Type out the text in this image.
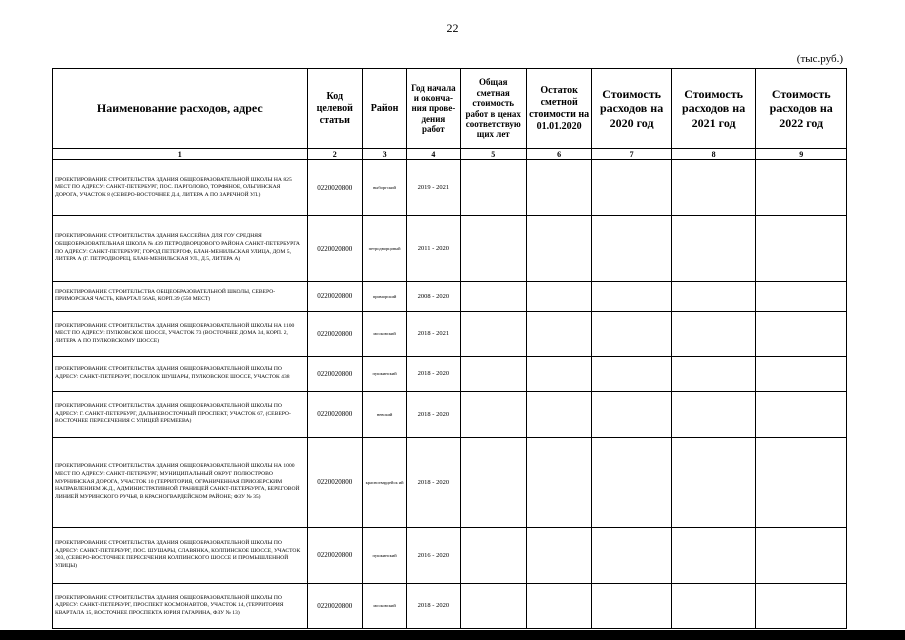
22
(тыс.руб.)
Наименование расходов, адрес	Код целевой статьи	Район	Год начала и оконча-ния прове-дения работ	Общая сметная стоимость работ в ценах соответствую щих лет	Остаток сметной стоимости на 01.01.2020	Стоимость расходов на 2020 год	Стоимость расходов на 2021 год	Стоимость расходов на 2022 год
1	2	3	4	5	6	7	8	9
ПРОЕКТИРОВАНИЕ СТРОИТЕЛЬСТВА ЗДАНИЯ ОБЩЕОБРАЗОВАТЕЛЬНОЙ ШКОЛЫ НА 825 МЕСТ ПО АДРЕСУ: САНКТ-ПЕТЕРБУРГ, ПОС. ПАРГОЛОВО, ТОРФЯНОЕ, ОЛЬГИНСКАЯ ДОРОГА, УЧАСТОК 8 (СЕВЕРО-ВОСТОЧНЕЕ Д.4, ЛИТЕРА А ПО ЗАРЕЧНОЙ УЛ.)	0220020800	выборгский	2019 - 2021					
ПРОЕКТИРОВАНИЕ СТРОИТЕЛЬСТВА ЗДАНИЯ БАССЕЙНА ДЛЯ ГОУ СРЕДНЯЯ ОБЩЕОБРАЗОВАТЕЛЬНАЯ ШКОЛА № 439 ПЕТРОДВОРЦОВОГО РАЙОНА САНКТ-ПЕТЕРБУРГА ПО АДРЕСУ: САНКТ-ПЕТЕРБУРГ, ГОРОД ПЕТЕРГОФ, БЛАН-МЕНИЛЬСКАЯ УЛИЦА, ДОМ 5, ЛИТЕРА А (Г. ПЕТРОДВОРЕЦ, БЛАН-МЕНИЛЬСКАЯ УЛ., Д.5, ЛИТЕРА А)	0220020800	петродворцовый	2011 - 2020					
ПРОЕКТИРОВАНИЕ СТРОИТЕЛЬСТВА ОБЩЕОБРАЗОВАТЕЛЬНОЙ ШКОЛЫ, СЕВЕРО-ПРИМОРСКАЯ ЧАСТЬ, КВАРТАЛ 56АБ, КОРП.39 (550 МЕСТ)	0220020800	приморский	2008 - 2020					
ПРОЕКТИРОВАНИЕ СТРОИТЕЛЬСТВА ЗДАНИЯ ОБЩЕОБРАЗОВАТЕЛЬНОЙ ШКОЛЫ НА 1100 МЕСТ ПО АДРЕСУ: ПУЛКОВСКОЕ ШОССЕ, УЧАСТОК 73 (ВОСТОЧНЕЕ ДОМА 34, КОРП. 2, ЛИТЕРА А ПО ПУЛКОВСКОМУ ШОССЕ)	0220020800	московский	2018 - 2021					
ПРОЕКТИРОВАНИЕ СТРОИТЕЛЬСТВА ЗДАНИЯ ОБЩЕОБРАЗОВАТЕЛЬНОЙ ШКОЛЫ ПО АДРЕСУ: САНКТ-ПЕТЕРБУРГ, ПОСЕЛОК ШУШАРЫ, ПУЛКОВСКОЕ ШОССЕ, УЧАСТОК 438	0220020800	пушкинский	2018 - 2020					
ПРОЕКТИРОВАНИЕ СТРОИТЕЛЬСТВА ЗДАНИЯ ОБЩЕОБРАЗОВАТЕЛЬНОЙ ШКОЛЫ ПО АДРЕСУ: Г. САНКТ-ПЕТЕРБУРГ, ДАЛЬНЕВОСТОЧНЫЙ ПРОСПЕКТ, УЧАСТОК 67, (СЕВЕРО-ВОСТОЧНЕЕ ПЕРЕСЕЧЕНИЯ С УЛИЦЕЙ ЕРЕМЕЕВА)	0220020800	невский	2018 - 2020					
ПРОЕКТИРОВАНИЕ СТРОИТЕЛЬСТВА ЗДАНИЯ ОБЩЕОБРАЗОВАТЕЛЬНОЙ ШКОЛЫ НА 1000 МЕСТ ПО АДРЕСУ: САНКТ-ПЕТЕРБУРГ, МУНИЦИПАЛЬНЫЙ ОКРУГ ПОЛЮСТРОВО МУРНИНСКАЯ ДОРОГА, УЧАСТОК 10 (ТЕРРИТОРИЯ, ОГРАНИЧЕННАЯ ПРИОЗЕРСКИМ НАПРАВЛЕНИЕМ Ж.Д., АДМИНИСТРАТИВНОЙ ГРАНИЦЕЙ САНКТ-ПЕТЕРБУРГА, БЕРЕГОВОЙ ЛИНИЕЙ МУРИНСКОГО РУЧЬЯ, В КРАСНОГВАРДЕЙСКОМ РАЙОНЕ; ФЗУ № 35)	0220020800	красногвардейск ий	2018 - 2020					
ПРОЕКТИРОВАНИЕ СТРОИТЕЛЬСТВА ЗДАНИЯ ОБЩЕОБРАЗОВАТЕЛЬНОЙ ШКОЛЫ ПО АДРЕСУ: САНКТ-ПЕТЕРБУРГ, ПОС. ШУШАРЫ, СЛАВЯНКА, КОЛПИНСКОЕ ШОССЕ, УЧАСТОК 303, (СЕВЕРО-ВОСТОЧНЕЕ ПЕРЕСЕЧЕНИЯ КОЛПИНСКОГО ШОССЕ И ПРОМЫШЛЕННОЙ УЛИЦЫ)	0220020800	пушкинский	2016 - 2020					
ПРОЕКТИРОВАНИЕ СТРОИТЕЛЬСТВА ЗДАНИЯ ОБЩЕОБРАЗОВАТЕЛЬНОЙ ШКОЛЫ ПО АДРЕСУ: САНКТ-ПЕТЕРБУРГ, ПРОСПЕКТ КОСМОНАВТОВ, УЧАСТОК 14, (ТЕРРИТОРИЯ КВАРТАЛА 15, ВОСТОЧНЕЕ ПРОСПЕКТА ЮРИЯ ГАГАРИНА, ФЗУ № 13)	0220020800	московский	2018 - 2020					
